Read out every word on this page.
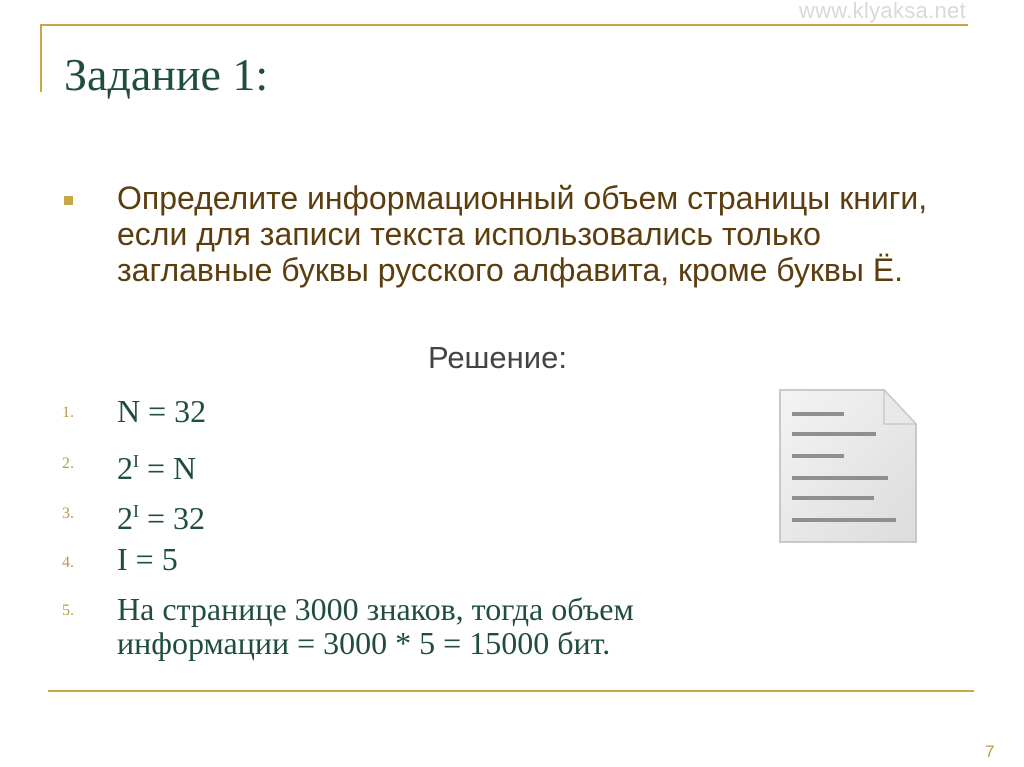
www.klyaksa.net
Задание 1:

Определите информационный объем страницы книги, если для записи текста использовались только заглавные буквы русского алфавита, кроме буквы Ё.

Решение:
1. N = 32
2. $2^I = N$
3. $2^I = 32$
4. I = 5
5. На странице 3000 знаков, тогда объем
информации = 3000 * 5 = 15000 бит.
7
